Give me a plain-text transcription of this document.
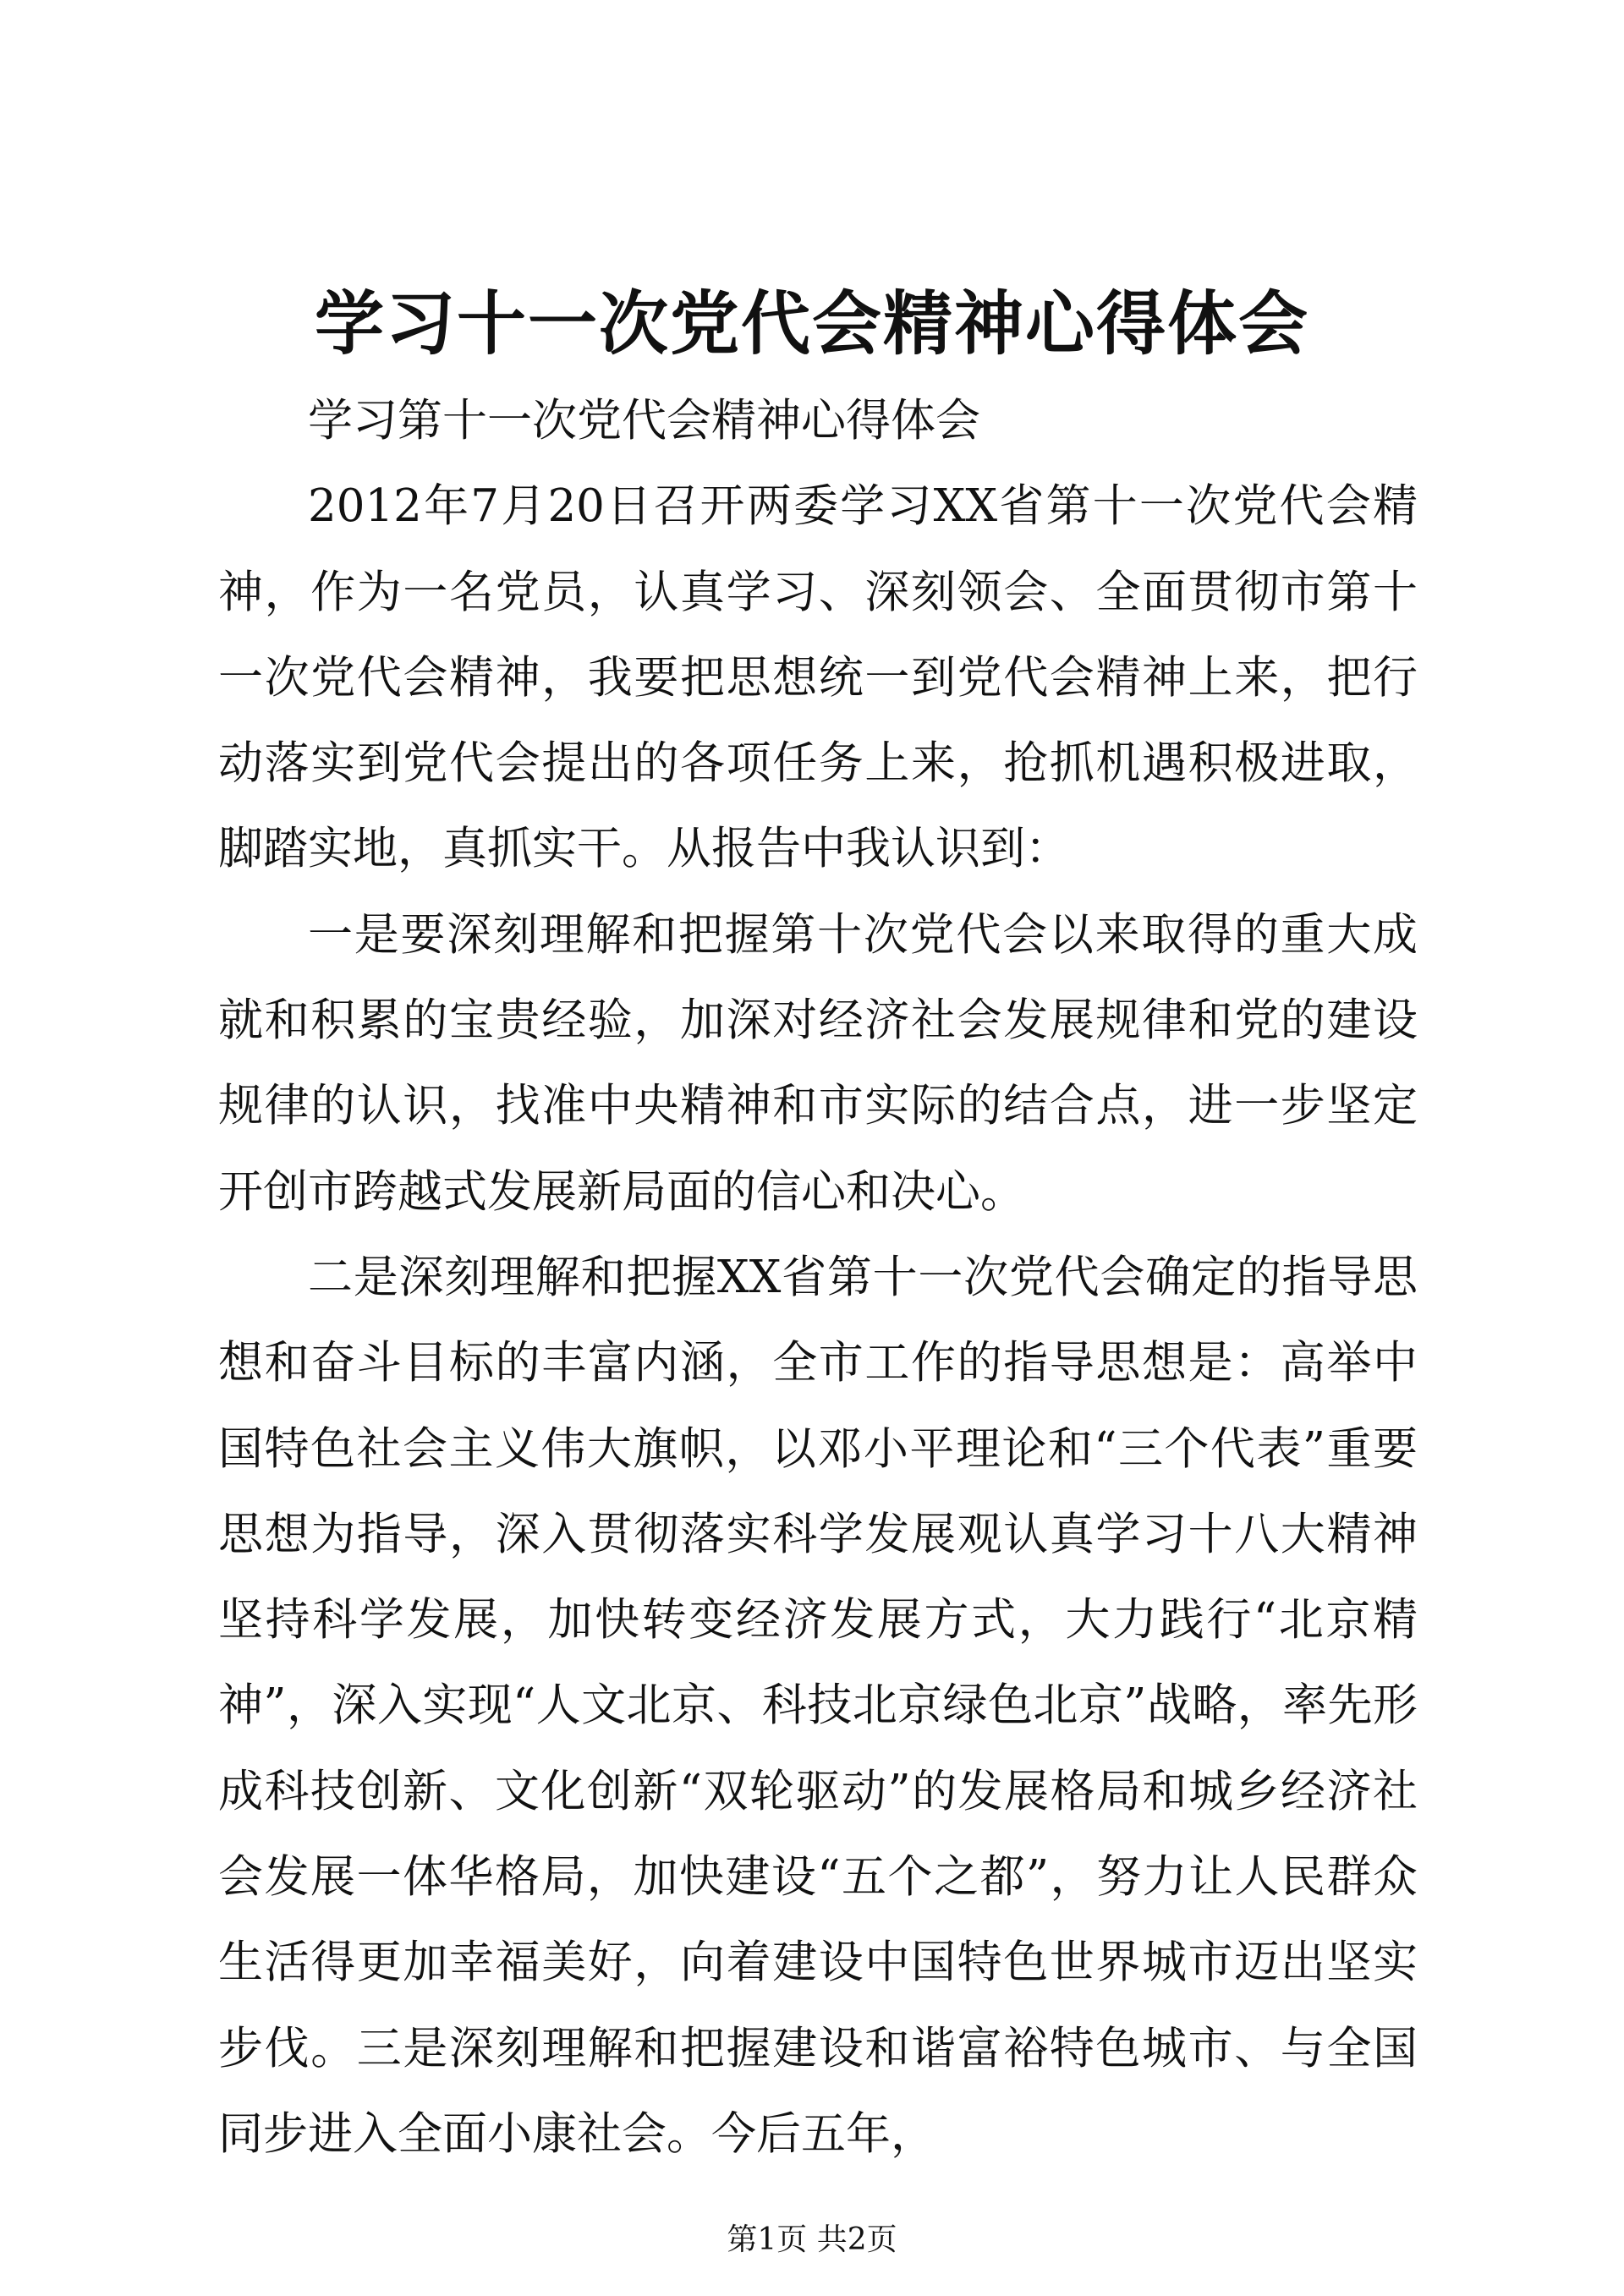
学习十一次党代会精神心得体会

学习第十一次党代会精神心得体会

2012年7月20日召开两委学习XX省第十一次党代会精神，作为一名党员，认真学习、深刻领会、全面贯彻市第十一次党代会精神，我要把思想统一到党代会精神上来，把行动落实到党代会提出的各项任务上来，抢抓机遇积极进取，脚踏实地，真抓实干。从报告中我认识到：

一是要深刻理解和把握第十次党代会以来取得的重大成就和积累的宝贵经验，加深对经济社会发展规律和党的建设规律的认识，找准中央精神和市实际的结合点，进一步坚定开创市跨越式发展新局面的信心和决心。

二是深刻理解和把握XX省第十一次党代会确定的指导思想和奋斗目标的丰富内涵，全市工作的指导思想是：高举中国特色社会主义伟大旗帜，以邓小平理论和“三个代表”重要思想为指导，深入贯彻落实科学发展观认真学习十八大精神坚持科学发展，加快转变经济发展方式，大力践行“北京精神”，深入实现“人文北京、科技北京绿色北京”战略，率先形成科技创新、文化创新“双轮驱动”的发展格局和城乡经济社会发展一体华格局，加快建设“五个之都”，努力让人民群众生活得更加幸福美好，向着建设中国特色世界城市迈出坚实步伐。三是深刻理解和把握建设和谐富裕特色城市、与全国同步进入全面小康社会。今后五年，

第1页 共2页
